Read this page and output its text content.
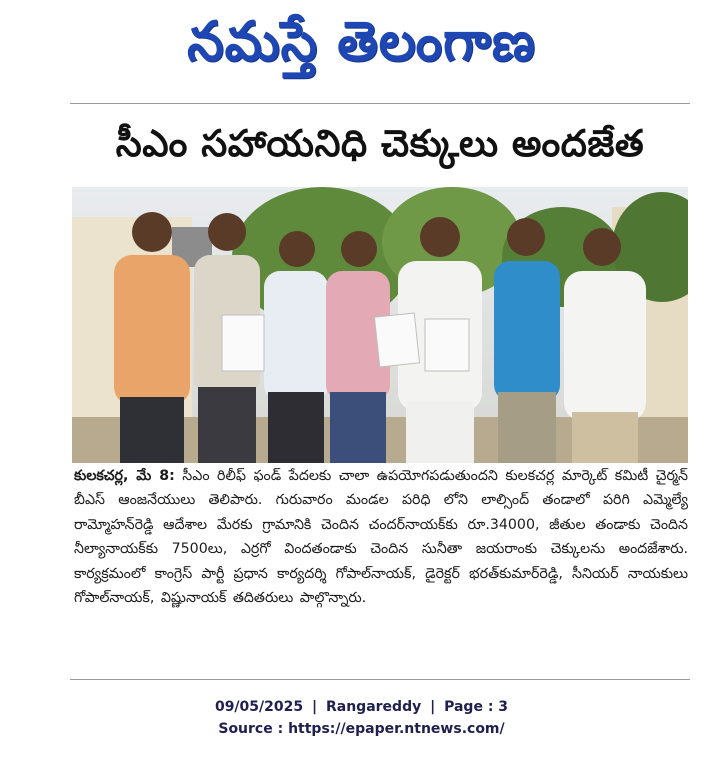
నమస్తే తెలంగాణ
సీఎం సహాయనిధి చెక్కులు అందజేత
కులకచర్ల, మే 8: సీఎం రిలీఫ్ ఫండ్ పేదలకు చాలా ఉపయోగపడుతుందని కులకచర్ల మార్కెట్ కమిటీ చైర్మన్ బీఎస్ ఆంజనేయులు తెలిపారు. గురువారం మండల పరిధి లోని లాల్సింద్ తండాలో పరిగి ఎమ్మెల్యే రామ్మోహన్‌రెడ్డి ఆదేశాల మేరకు గ్రామానికి చెందిన చందర్‌నాయక్‌కు రూ.34000, జీతుల తండాకు చెందిన నీల్యానాయక్‌కు 7500లు, ఎర్రగో విందతండాకు చెందిన సునీతా జయరాంకు చెక్కులను అందజేశారు. కార్యక్రమంలో కాంగ్రెస్ పార్టీ ప్రధాన కార్యదర్శి గోపాల్‌నాయక్, డైరెక్టర్ భరత్‌కుమార్‌రెడ్డి, సీనియర్ నాయకులు గోపాల్‌నాయక్, విష్ణునాయక్ తదితరులు పాల్గొన్నారు.
09/05/2025 | Rangareddy | Page : 3
Source : https://epaper.ntnews.com/
